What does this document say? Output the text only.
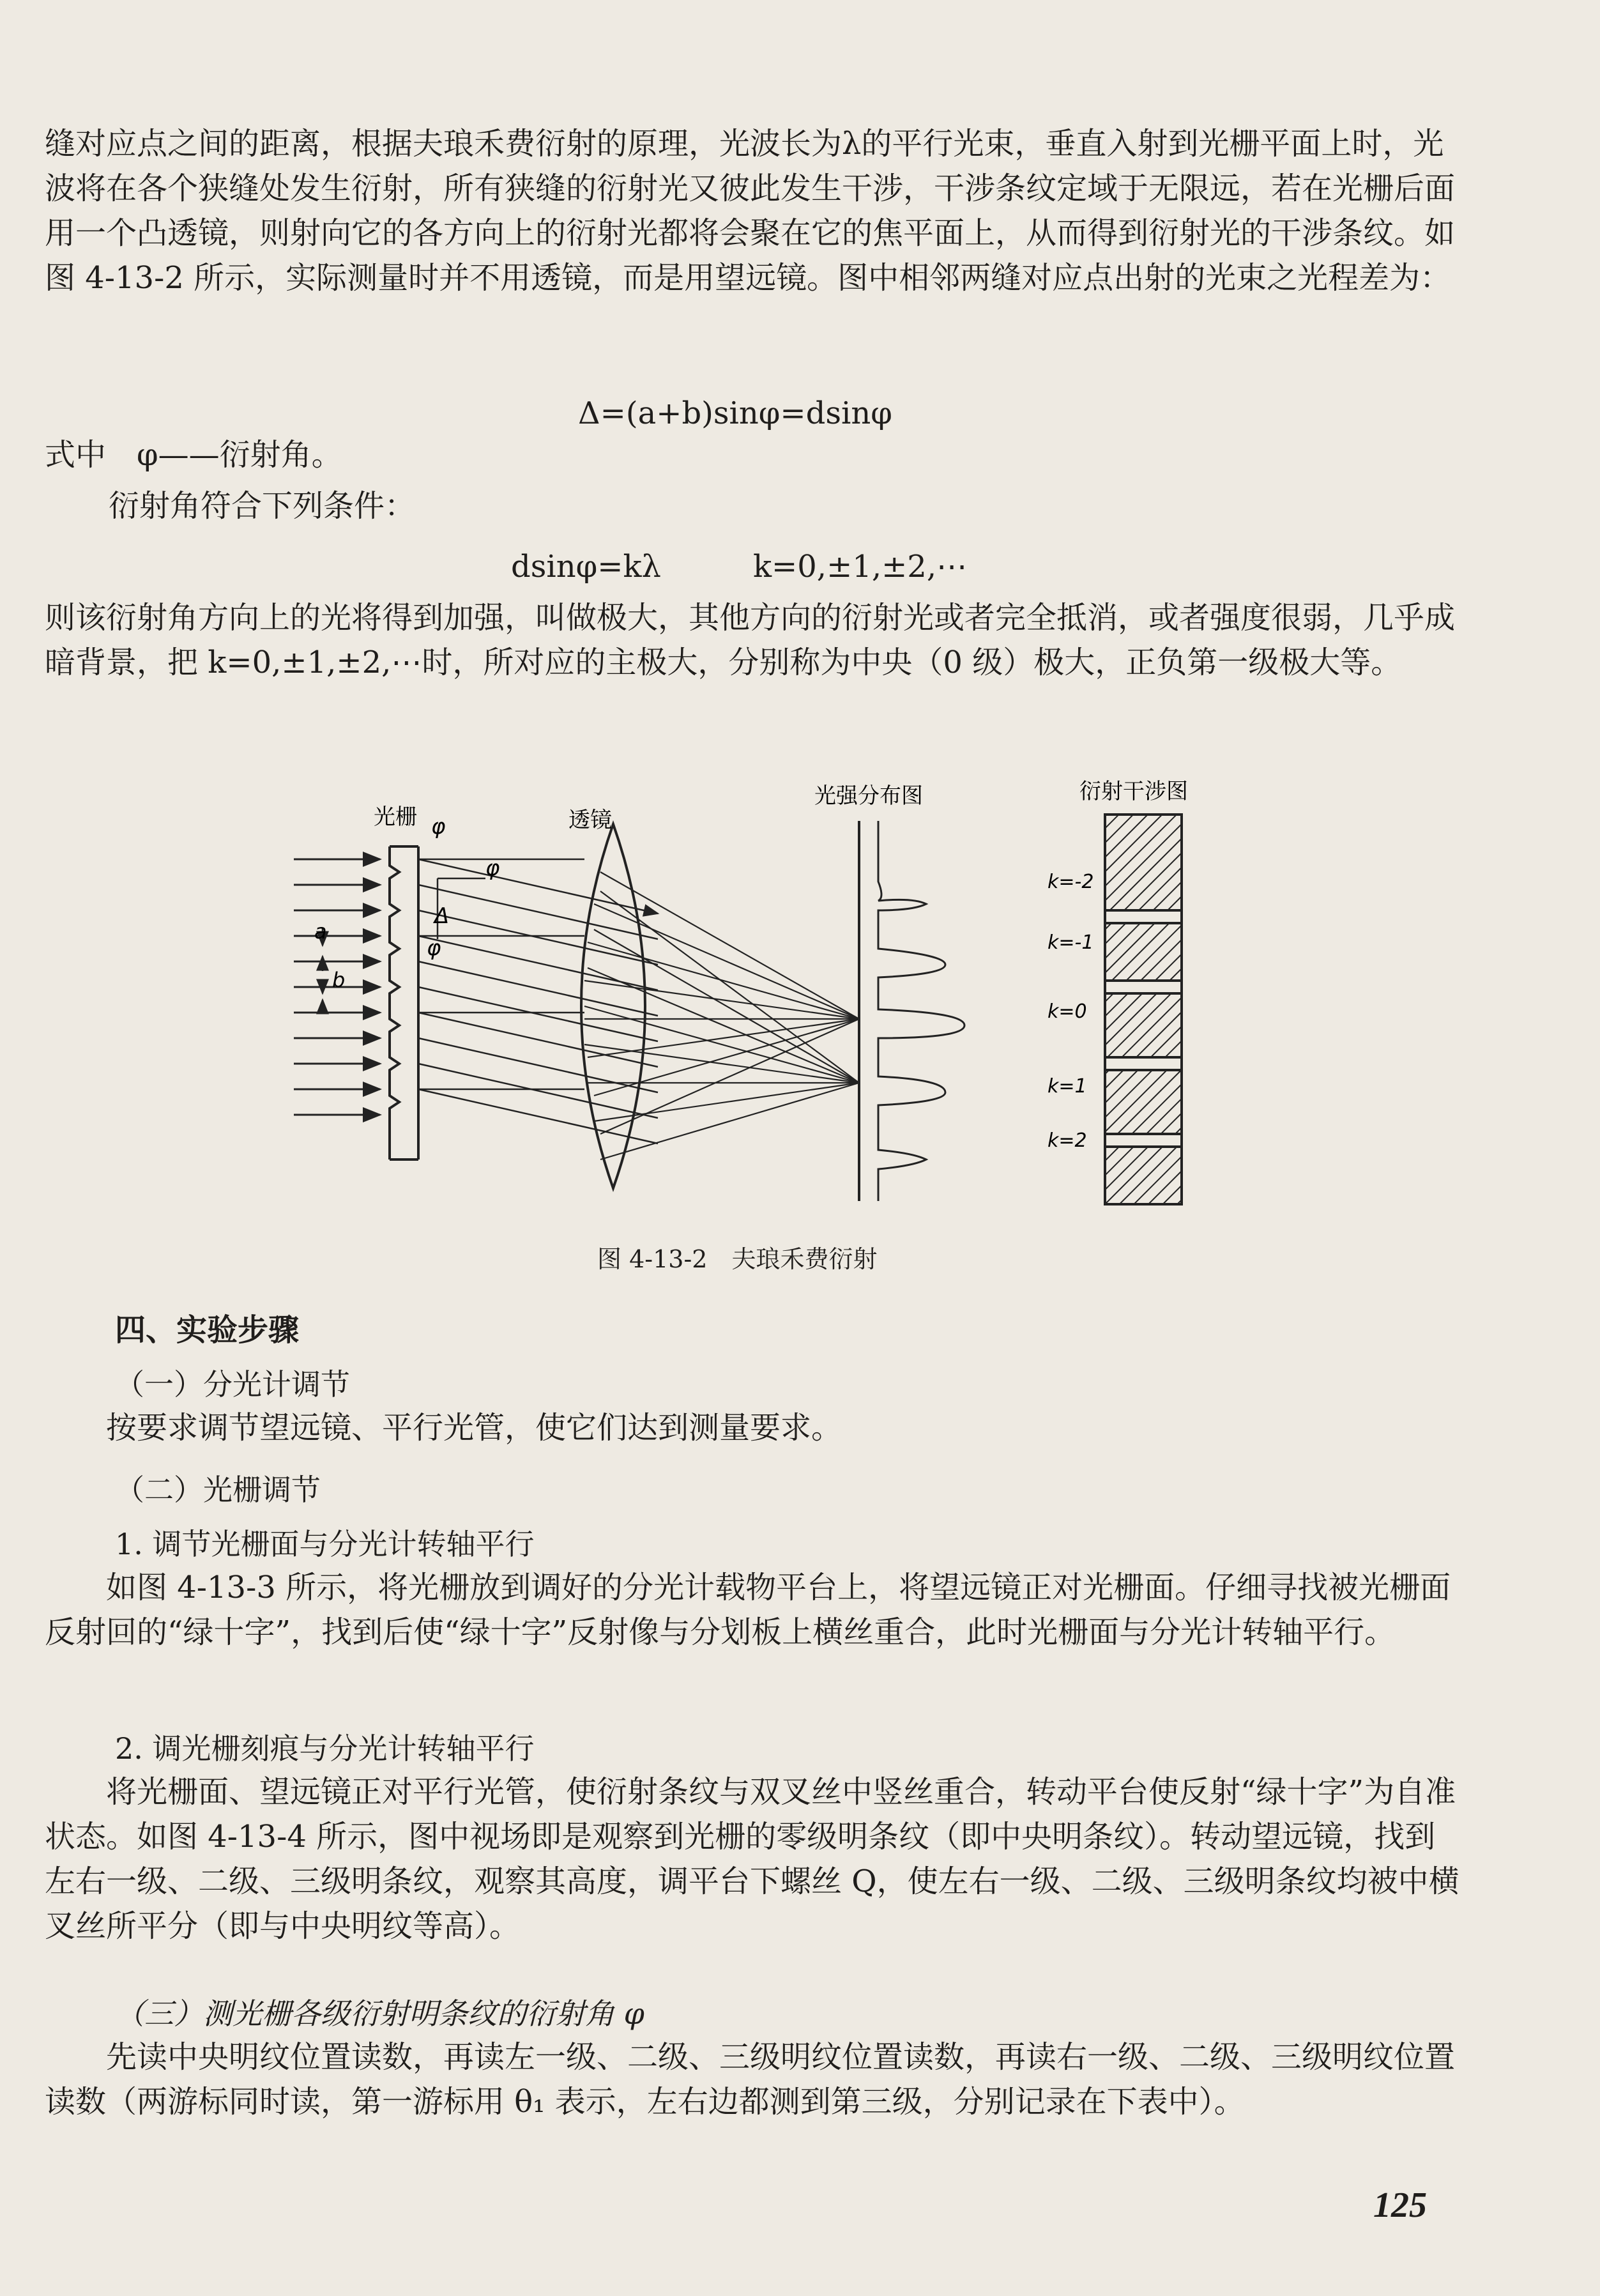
缝对应点之间的距离，根据夫琅禾费衍射的原理，光波长为λ的平行光束，垂直入射到光栅平面上时，光波将在各个狭缝处发生衍射，所有狭缝的衍射光又彼此发生干涉，干涉条纹定域于无限远，若在光栅后面用一个凸透镜，则射向它的各方向上的衍射光都将会聚在它的焦平面上，从而得到衍射光的干涉条纹。如图 4-13-2 所示，实际测量时并不用透镜，而是用望远镜。图中相邻两缝对应点出射的光束之光程差为：

Δ=(a+b)sinφ=dsinφ
式中　φ——衍射角。
衍射角符合下列条件：
dsinφ=kλ　　　k=0,±1,±2,⋯

则该衍射角方向上的光将得到加强，叫做极大，其他方向的衍射光或者完全抵消，或者强度很弱，几乎成暗背景，把 k=0,±1,±2,⋯时，所对应的主极大，分别称为中央（0 级）极大，正负第一级极大等。

a
b
光栅 φ
φ
Δ
φ
透镜
光强分布图	衍射干涉图
k=-2
k=-1
k=0
k=1
k=2
图 4-13-2　夫琅禾费衍射
四、实验步骤
（一）分光计调节

按要求调节望远镜、平行光管，使它们达到测量要求。

（二）光栅调节
1. 调节光栅面与分光计转轴平行

如图 4-13-3 所示，将光栅放到调好的分光计载物平台上，将望远镜正对光栅面。仔细寻找被光栅面反射回的“绿十字”，找到后使“绿十字”反射像与分划板上横丝重合，此时光栅面与分光计转轴平行。

2. 调光栅刻痕与分光计转轴平行

将光栅面、望远镜正对平行光管，使衍射条纹与双叉丝中竖丝重合，转动平台使反射“绿十字”为自准状态。如图 4-13-4 所示，图中视场即是观察到光栅的零级明条纹（即中央明条纹）。转动望远镜，找到左右一级、二级、三级明条纹，观察其高度，调平台下螺丝 Q，使左右一级、二级、三级明条纹均被中横叉丝所平分（即与中央明纹等高）。

（三）测光栅各级衍射明条纹的衍射角 φ

先读中央明纹位置读数，再读左一级、二级、三级明纹位置读数，再读右一级、二级、三级明纹位置读数（两游标同时读，第一游标用 θ₁ 表示，左右边都测到第三级，分别记录在下表中）。

125
